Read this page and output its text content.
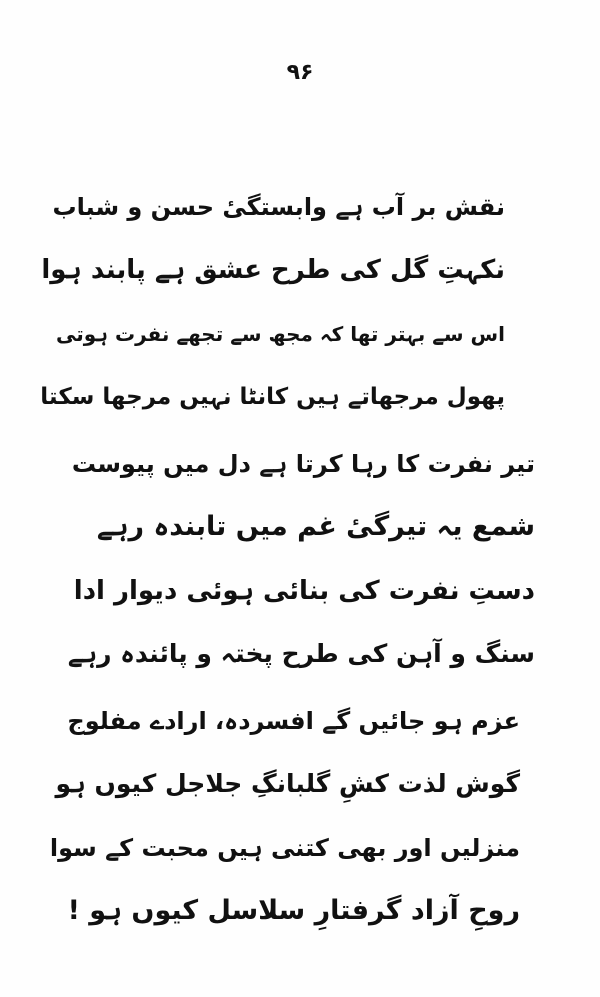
۹۶
نقش بر آب ہے وابستگیٔ حسن و شباب
نکہتِ گل کی طرح عشق ہے پابند ہوا
اس سے بہتر تھا کہ مجھ سے تجھے نفرت ہوتی
پھول مرجھاتے ہیں کانٹا نہیں مرجھا سکتا
تیر نفرت کا رہا کرتا ہے دل میں پیوست
شمع یہ تیرگیٔ غم میں تابندہ رہے
دستِ نفرت کی بنائی ہوئی دیوار ادا
سنگ و آہن کی طرح پختہ و پائندہ رہے
عزم ہو جائیں گے افسردہ، ارادے مفلوج
گوش لذت کشِ گلبانگِ جلاجل کیوں ہو
منزلیں اور بھی کتنی ہیں محبت کے سوا
روحِ آزاد گرفتارِ سلاسل کیوں ہو !
